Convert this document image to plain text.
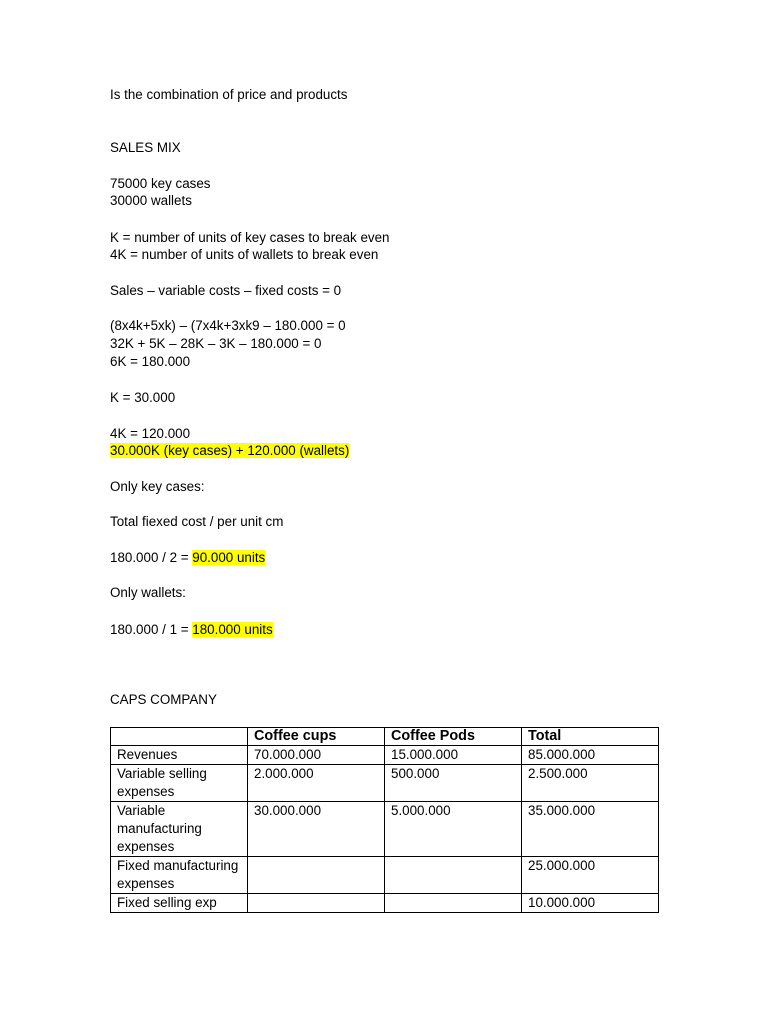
Is the combination of price and products
SALES MIX
75000 key cases
30000 wallets
K = number of units of key cases to break even
4K = number of units of wallets to break even
Sales – variable costs – fixed costs = 0
(8x4k+5xk) – (7x4k+3xk9 – 180.000 = 0
32K + 5K – 28K – 3K – 180.000 = 0
6K = 180.000
K = 30.000
4K = 120.000
30.000K (key cases) + 120.000 (wallets)
Only key cases:
Total fiexed cost / per unit cm
180.000 / 2 = 90.000 units
Only wallets:
180.000 / 1 = 180.000 units
CAPS COMPANY
	Coffee cups	Coffee Pods	Total
Revenues	70.000.000	15.000.000	85.000.000
Variable selling expenses	2.000.000	500.000	2.500.000
Variable manufacturing expenses	30.000.000	5.000.000	35.000.000
Fixed manufacturing expenses			25.000.000
Fixed selling exp			10.000.000
